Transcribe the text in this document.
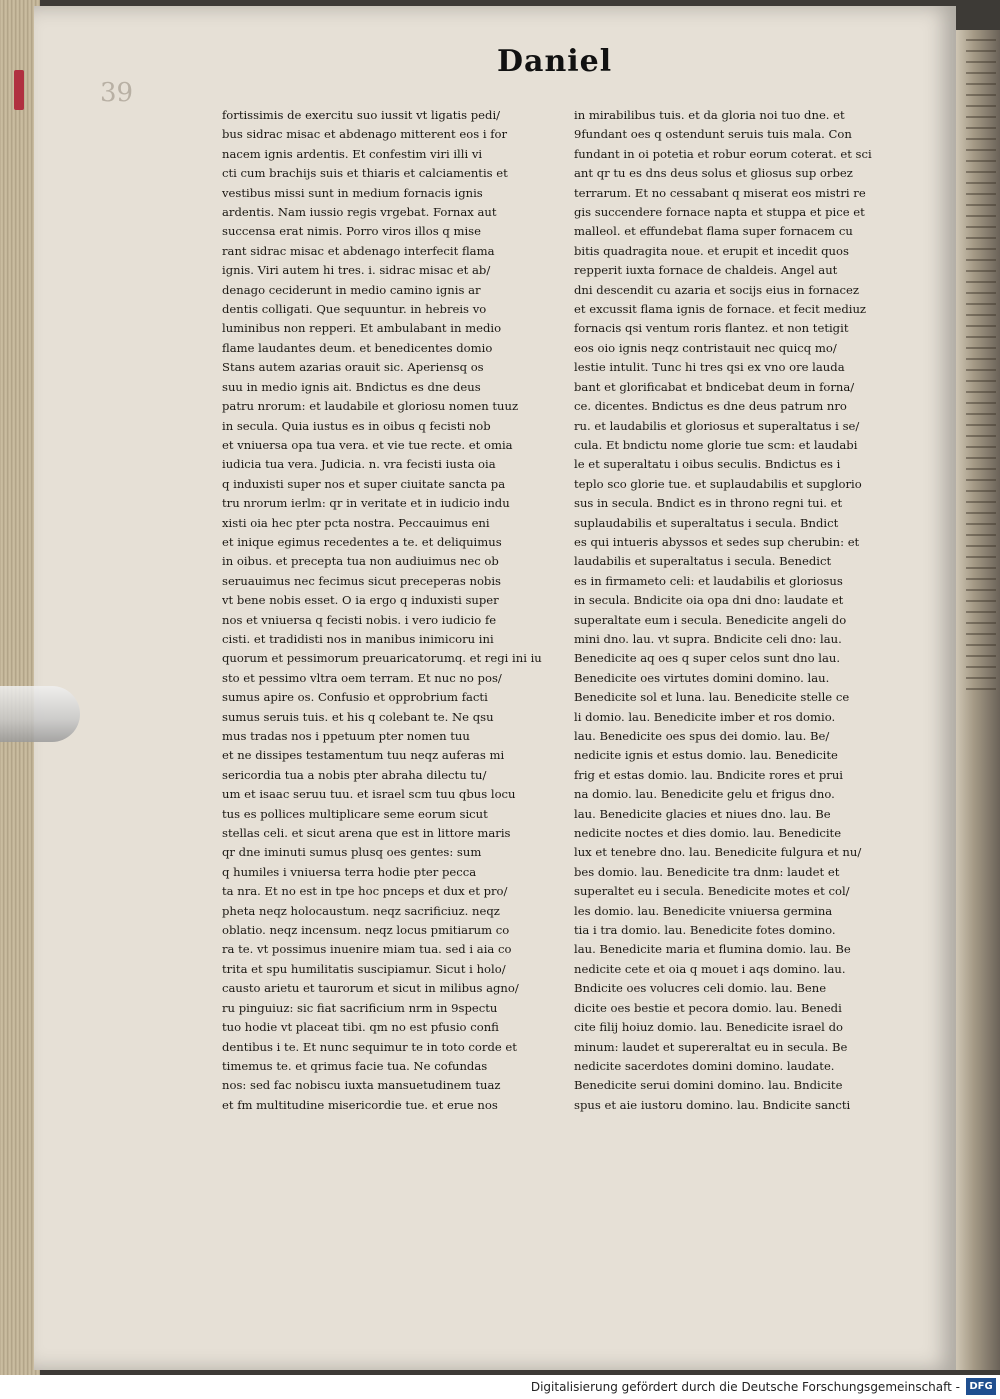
39
Daniel
fortissimis de exercitu suo iussit vt ligatis pedi/
bus sidrac misac et abdenago mitterent eos i for
nacem ignis ardentis. Et confestim viri illi vi
cti cum brachijs suis et thiaris et calciamentis et
vestibus missi sunt in medium fornacis ignis
ardentis. Nam iussio regis vrgebat. Fornax aut
succensa erat nimis. Porro viros illos q mise
rant sidrac misac et abdenago interfecit flama
ignis. Viri autem hi tres. i. sidrac misac et ab/
denago ceciderunt in medio camino ignis ar
dentis colligati. Que sequuntur. in hebreis vo
luminibus non repperi. Et ambulabant in medio
flame laudantes deum. et benedicentes domio
Stans autem azarias orauit sic. Aperiensq os
suu in medio ignis ait. Bndictus es dne deus
patru nrorum: et laudabile et gloriosu nomen tuuz
in secula. Quia iustus es in oibus q fecisti nob
et vniuersa opa tua vera. et vie tue recte. et omia
iudicia tua vera. Judicia. n. vra fecisti iusta oia
q induxisti super nos et super ciuitate sancta pa
tru nrorum ierlm: qr in veritate et in iudicio indu
xisti oia hec pter pcta nostra. Peccauimus eni
et inique egimus recedentes a te. et deliquimus
in oibus. et precepta tua non audiuimus nec ob
seruauimus nec fecimus sicut preceperas nobis
vt bene nobis esset. O ia ergo q induxisti super
nos et vniuersa q fecisti nobis. i vero iudicio fe
cisti. et tradidisti nos in manibus inimicoru ini
quorum et pessimorum preuaricatorumq. et regi ini iu
sto et pessimo vltra oem terram. Et nuc no pos/
sumus apire os. Confusio et opprobrium facti
sumus seruis tuis. et his q colebant te. Ne qsu
mus tradas nos i ppetuum pter nomen tuu
et ne dissipes testamentum tuu neqz auferas mi
sericordia tua a nobis pter abraha dilectu tu/
um et isaac seruu tuu. et israel scm tuu qbus locu
tus es pollices multiplicare seme eorum sicut
stellas celi. et sicut arena que est in littore maris
qr dne iminuti sumus plusq oes gentes: sum
q humiles i vniuersa terra hodie pter pecca
ta nra. Et no est in tpe hoc pnceps et dux et pro/
pheta neqz holocaustum. neqz sacrificiuz. neqz
oblatio. neqz incensum. neqz locus pmitiarum co
ra te. vt possimus inuenire miam tua. sed i aia co
trita et spu humilitatis suscipiamur. Sicut i holo/
causto arietu et taurorum et sicut in milibus agno/
ru pinguiuz: sic fiat sacrificium nrm in 9spectu
tuo hodie vt placeat tibi. qm no est pfusio confi
dentibus i te. Et nunc sequimur te in toto corde et
timemus te. et qrimus facie tua. Ne cofundas
nos: sed fac nobiscu iuxta mansuetudinem tuaz
et fm multitudine misericordie tue. et erue nos
in mirabilibus tuis. et da gloria noi tuo dne. et
9fundant oes q ostendunt seruis tuis mala. Con
fundant in oi potetia et robur eorum coterat. et sci
ant qr tu es dns deus solus et gliosus sup orbez
terrarum. Et no cessabant q miserat eos mistri re
gis succendere fornace napta et stuppa et pice et
malleol. et effundebat flama super fornacem cu
bitis quadragita noue. et erupit et incedit quos
repperit iuxta fornace de chaldeis. Angel aut
dni descendit cu azaria et socijs eius in fornacez
et excussit flama ignis de fornace. et fecit mediuz
fornacis qsi ventum roris flantez. et non tetigit
eos oio ignis neqz contristauit nec quicq mo/
lestie intulit. Tunc hi tres qsi ex vno ore lauda
bant et glorificabat et bndicebat deum in forna/
ce. dicentes. Bndictus es dne deus patrum nro
ru. et laudabilis et gloriosus et superaltatus i se/
cula. Et bndictu nome glorie tue scm: et laudabi
le et superaltatu i oibus seculis. Bndictus es i
teplo sco glorie tue. et suplaudabilis et supglorio
sus in secula. Bndict es in throno regni tui. et
suplaudabilis et superaltatus i secula. Bndict
es qui intueris abyssos et sedes sup cherubin: et
laudabilis et superaltatus i secula. Benedict
es in firmameto celi: et laudabilis et gloriosus
in secula. Bndicite oia opa dni dno: laudate et
superaltate eum i secula. Benedicite angeli do
mini dno. lau. vt supra. Bndicite celi dno: lau.
Benedicite aq oes q super celos sunt dno lau.
Benedicite oes virtutes domini domino. lau.
Benedicite sol et luna. lau. Benedicite stelle ce
li domio. lau. Benedicite imber et ros domio.
lau. Benedicite oes spus dei domio. lau. Be/
nedicite ignis et estus domio. lau. Benedicite
frig et estas domio. lau. Bndicite rores et prui
na domio. lau. Benedicite gelu et frigus dno.
lau. Benedicite glacies et niues dno. lau. Be
nedicite noctes et dies domio. lau. Benedicite
lux et tenebre dno. lau. Benedicite fulgura et nu/
bes domio. lau. Benedicite tra dnm: laudet et
superaltet eu i secula. Benedicite motes et col/
les domio. lau. Benedicite vniuersa germina
tia i tra domio. lau. Benedicite fotes domino.
lau. Benedicite maria et flumina domio. lau. Be
nedicite cete et oia q mouet i aqs domino. lau.
Bndicite oes volucres celi domio. lau. Bene
dicite oes bestie et pecora domio. lau. Benedi
cite filij hoiuz domio. lau. Benedicite israel do
minum: laudet et supereraltat eu in secula. Be
nedicite sacerdotes domini domino. laudate.
Benedicite serui domini domino. lau. Bndicite
spus et aie iustoru domino. lau. Bndicite sancti
Digitalisierung gefördert durch die Deutsche Forschungsgemeinschaft - DFG
